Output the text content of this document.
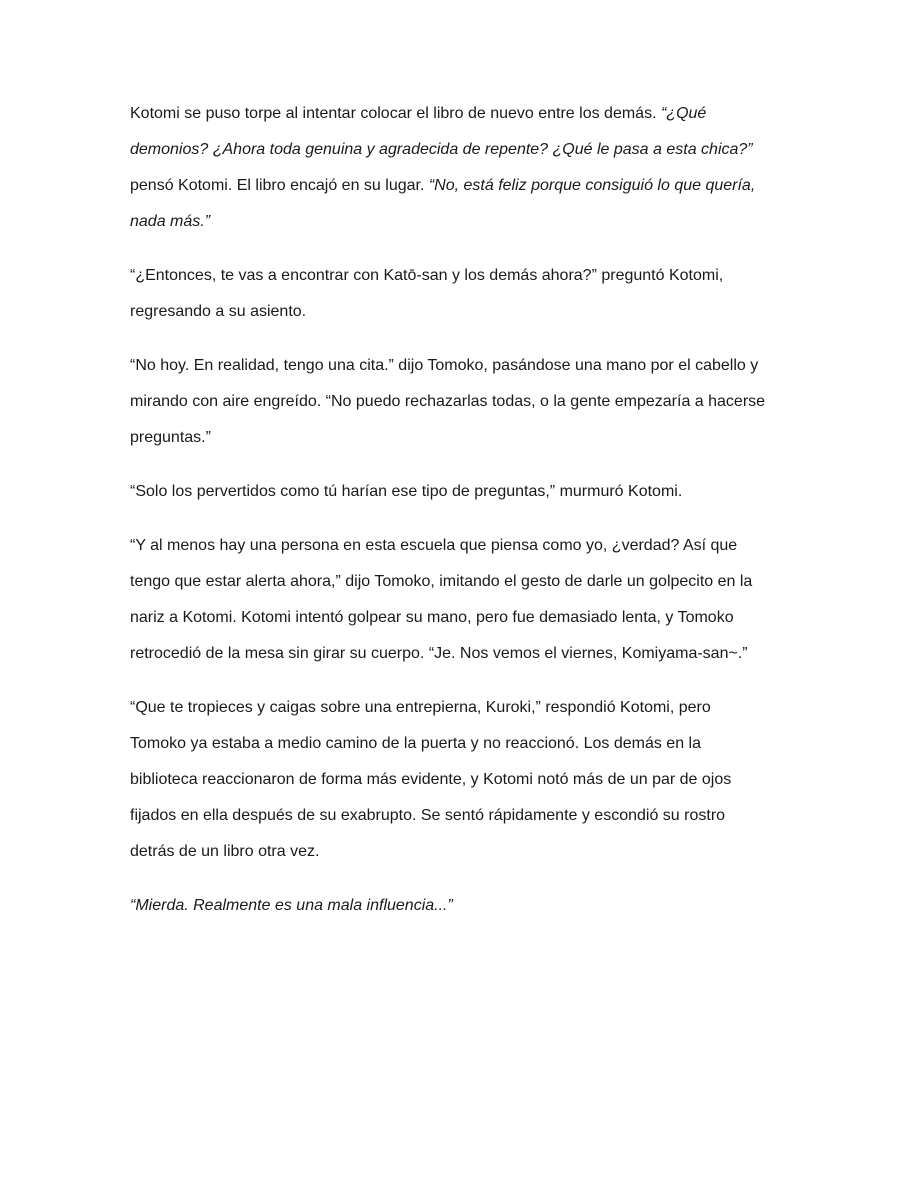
Kotomi se puso torpe al intentar colocar el libro de nuevo entre los demás. “¿Qué demonios? ¿Ahora toda genuina y agradecida de repente? ¿Qué le pasa a esta chica?” pensó Kotomi. El libro encajó en su lugar. “No, está feliz porque consiguió lo que quería, nada más.”

“¿Entonces, te vas a encontrar con Katō-san y los demás ahora?” preguntó Kotomi, regresando a su asiento.

“No hoy. En realidad, tengo una cita.” dijo Tomoko, pasándose una mano por el cabello y mirando con aire engreído. “No puedo rechazarlas todas, o la gente empezaría a hacerse preguntas.”

“Solo los pervertidos como tú harían ese tipo de preguntas,” murmuró Kotomi.

“Y al menos hay una persona en esta escuela que piensa como yo, ¿verdad? Así que tengo que estar alerta ahora,” dijo Tomoko, imitando el gesto de darle un golpecito en la nariz a Kotomi. Kotomi intentó golpear su mano, pero fue demasiado lenta, y Tomoko retrocedió de la mesa sin girar su cuerpo. “Je. Nos vemos el viernes, Komiyama-san~.”

“Que te tropieces y caigas sobre una entrepierna, Kuroki,” respondió Kotomi, pero Tomoko ya estaba a medio camino de la puerta y no reaccionó. Los demás en la biblioteca reaccionaron de forma más evidente, y Kotomi notó más de un par de ojos fijados en ella después de su exabrupto. Se sentó rápidamente y escondió su rostro detrás de un libro otra vez.

“Mierda. Realmente es una mala influencia...”
